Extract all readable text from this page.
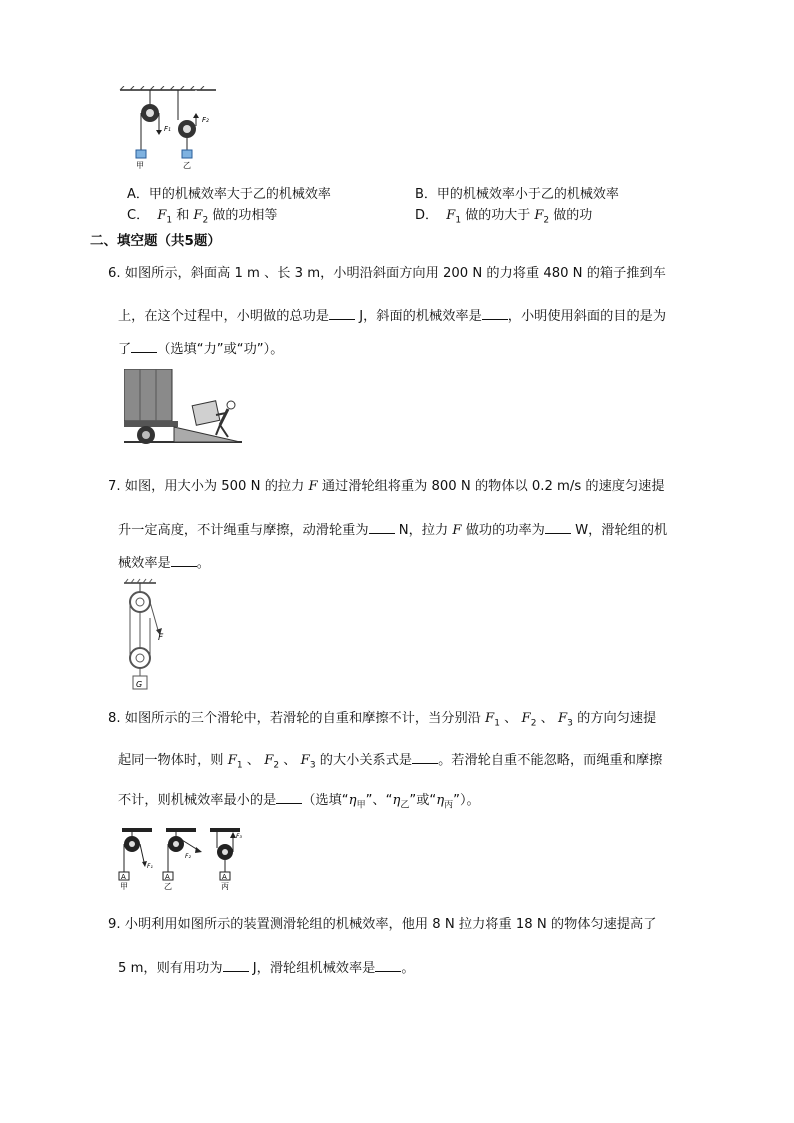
甲
F₁
F₂
乙
A．甲的机械效率大于乙的机械效率	B．甲的机械效率小于乙的机械效率
C． $F_1$ 和 $F_2$ 做的功相等	D． $F_1$ 做的功大于 $F_2$ 做的功
二、填空题（共5题）
6. 如图所示，斜面高 1 m 、长 3 m，小明沿斜面方向用 200 N 的力将重 480 N 的箱子推到车
上，在这个过程中，小明做的总功是 J，斜面的机械效率是 ，小明使用斜面的目的是为
了 （选填“力”或“功”）。
7. 如图，用大小为 500 N 的拉力 F 通过滑轮组将重为 800 N 的物体以 0.2 m/s 的速度匀速提
升一定高度，不计绳重与摩擦，动滑轮重为 N，拉力 F 做功的功率为 W，滑轮组的机
械效率是 。
F
G
8. 如图所示的三个滑轮中，若滑轮的自重和摩擦不计，当分别沿 $F_1$ 、 $F_2$ 、 $F_3$ 的方向匀速提
起同一物体时，则 $F_1$ 、 $F_2$ 、 $F_3$ 的大小关系式是 。若滑轮自重不能忽略，而绳重和摩擦
不计，则机械效率最小的是 （选填“$\eta_甲$”、“$\eta_乙$”或“$\eta_丙$”）。
F₁
A
甲
F₂
A
乙
F₃
A
丙
9. 小明利用如图所示的装置测滑轮组的机械效率，他用 8 N 拉力将重 18 N 的物体匀速提高了
5 m，则有用功为 J，滑轮组机械效率是 。
